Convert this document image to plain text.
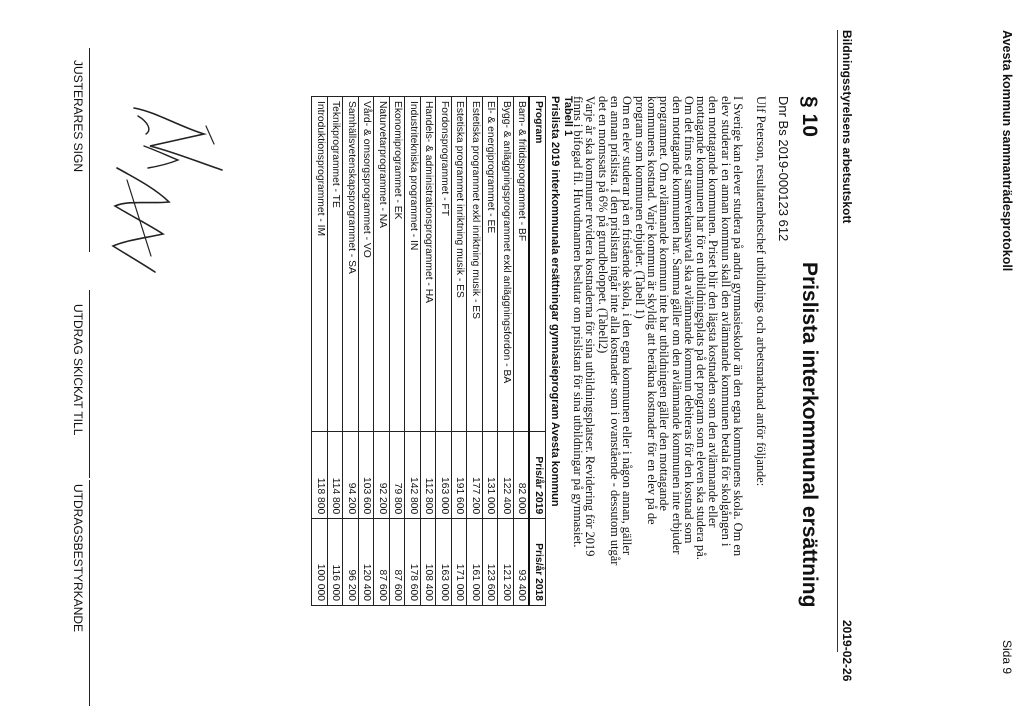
Avesta kommun sammanträdesprotokoll
Sida 9
Bildningsstyrelsens arbetsutskott
2019-02-26
§ 10
Prislista interkommunal ersättning
Dnr Bs 2019-000123 612
Ulf Peterson, resultatenhetschef utbildnings och arbetsmarknad anför följande:

I Sverige kan elever studera på andra gymnasieskolor än den egna kommunens skola. Om en

elev studerar i en annan kommun skall den avlämnande kommunen betala för skolgången i

den mottagande kommunen. Priset blir den lägsta kostnaden som den avlämnande eller

mottagande kommunen har för en utbildningsplats på det program som eleven ska studera på.

Om det finns ett samverkansavtal ska avlämnande kommun debiteras för den kostnad som

den mottagande kommunen har. Samma gäller om den avlämnande kommunen inte erbjuder

programmet. Om avlämnande kommun inte har utbildningen gäller den mottagande

kommunens kostnad. Varje kommun är skyldig att beräkna kostnader för en elev på de

program som kommunen erbjuder. (Tabell 1)

Om en elev studerar på en fristående skola, i den egna kommunen eller i någon annan, gäller

en annan prislista. I den prislistan ingår inte alla kostnader som i ovanstående - dessutom utgår

det en momssats på 6% på grundbeloppet. (Tabell2)

Varje år ska kommuner revidera kostnaderna för sina utbildningsplatser. Revidering för 2019

finns i bifogad fil. Huvudmannen beslutar om prislistan för sina utbildningar på gymnasiet.

Tabell 1
Prislista 2019 interkommunala ersättningar gymnasieprogram Avesta kommun
Program	Pris/år 2019	Pris/år 2018
Barn- & fritidsprogrammet - BF	82 000	93 400
Bygg- & anläggningsprogrammet exkl anläggningsfordon - BA	122 400	121 200
El- & energiprogrammet - EE	131 000	123 600
Estetiska programmet exkl inriktning musik - ES	177 200	161 000
Estetiska programmet inriktning musik - ES	191 600	171 000
Fordonsprogrammet - FT	163 000	163 000
Handels- & administrationsprogrammet - HA	112 800	108 400
Industritekniska programmet - IN	142 800	178 600
Ekonomiprogrammet - EK	79 800	87 600
Naturvetarprogrammet - NA	92 200	87 600
Vård- & omsorgsprogrammet - VO	103 600	120 400
Samhällsvetenskapsprogrammet - SA	94 200	96 200
Teknikprogrammet - TE	114 800	116 000
Introduktionsprogrammet - IM	118 800	100 000
JUSTERARES SIGN
UTDRAG SKICKAT TILL
UTDRAGSBESTYRKANDE
